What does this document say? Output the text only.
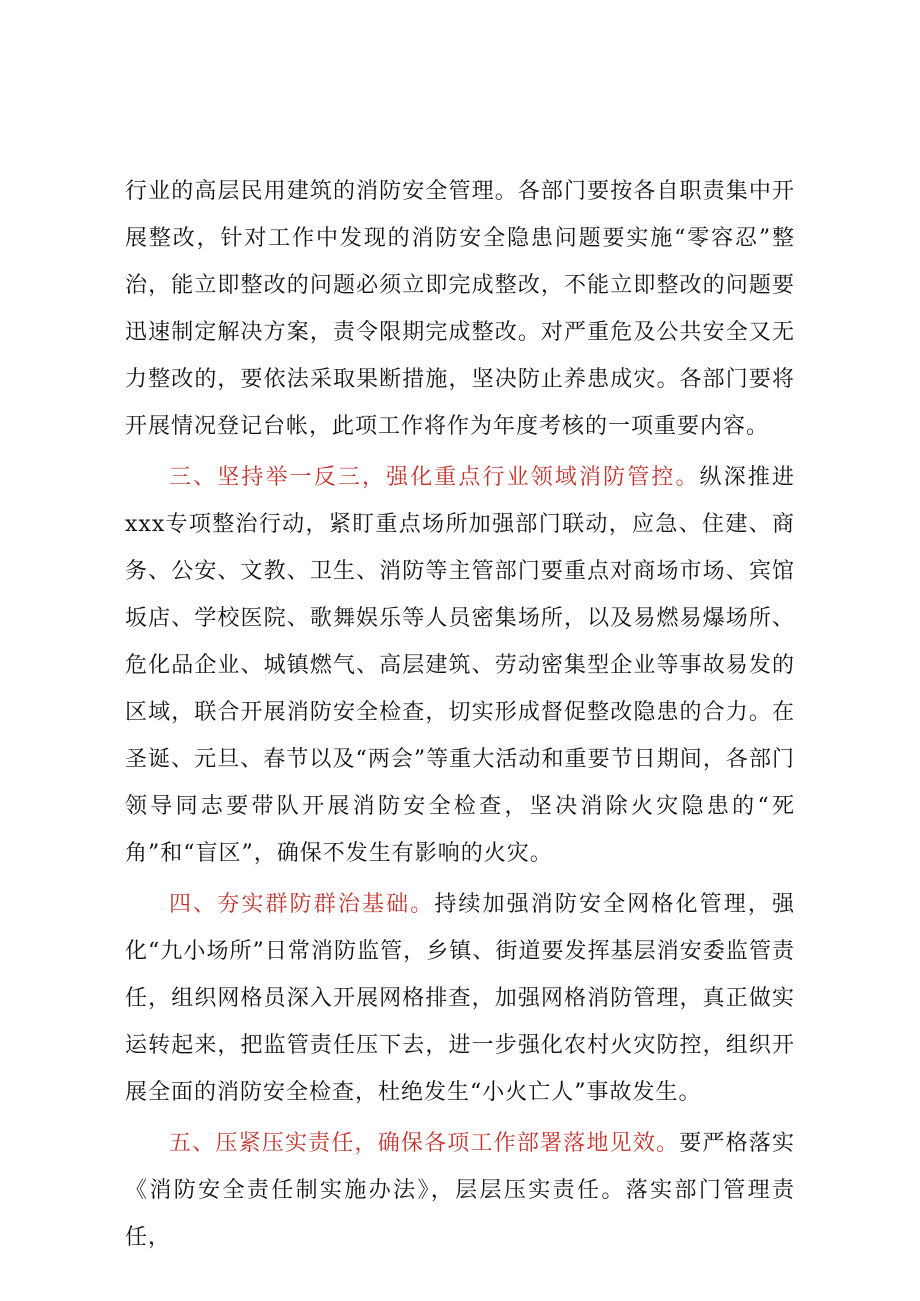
行业的高层民用建筑的消防安全管理。各部门要按各自职责集中开展整改，针对工作中发现的消防安全隐患问题要实施“零容忍”整治，能立即整改的问题必须立即完成整改，不能立即整改的问题要迅速制定解决方案，责令限期完成整改。对严重危及公共安全又无力整改的，要依法采取果断措施，坚决防止养患成灾。各部门要将开展情况登记台帐，此项工作将作为年度考核的一项重要内容。

三、坚持举一反三，强化重点行业领域消防管控。纵深推进xxx专项整治行动，紧盯重点场所加强部门联动，应急、住建、商务、公安、文教、卫生、消防等主管部门要重点对商场市场、宾馆坂店、学校医院、歌舞娱乐等人员密集场所，以及易燃易爆场所、危化品企业、城镇燃气、高层建筑、劳动密集型企业等事故易发的区域，联合开展消防安全检查，切实形成督促整改隐患的合力。在圣诞、元旦、春节以及“两会”等重大活动和重要节日期间，各部门领导同志要带队开展消防安全检查，坚决消除火灾隐患的“死角”和“盲区”，确保不发生有影响的火灾。

四、夯实群防群治基础。持续加强消防安全网格化管理，强化“九小场所”日常消防监管，乡镇、街道要发挥基层消安委监管责任，组织网格员深入开展网格排查，加强网格消防管理，真正做实运转起来，把监管责任压下去，进一步强化农村火灾防控，组织开展全面的消防安全检查，杜绝发生“小火亡人”事故发生。

五、压紧压实责任，确保各项工作部署落地见效。要严格落实《消防安全责任制实施办法》，层层压实责任。落实部门管理责任，
